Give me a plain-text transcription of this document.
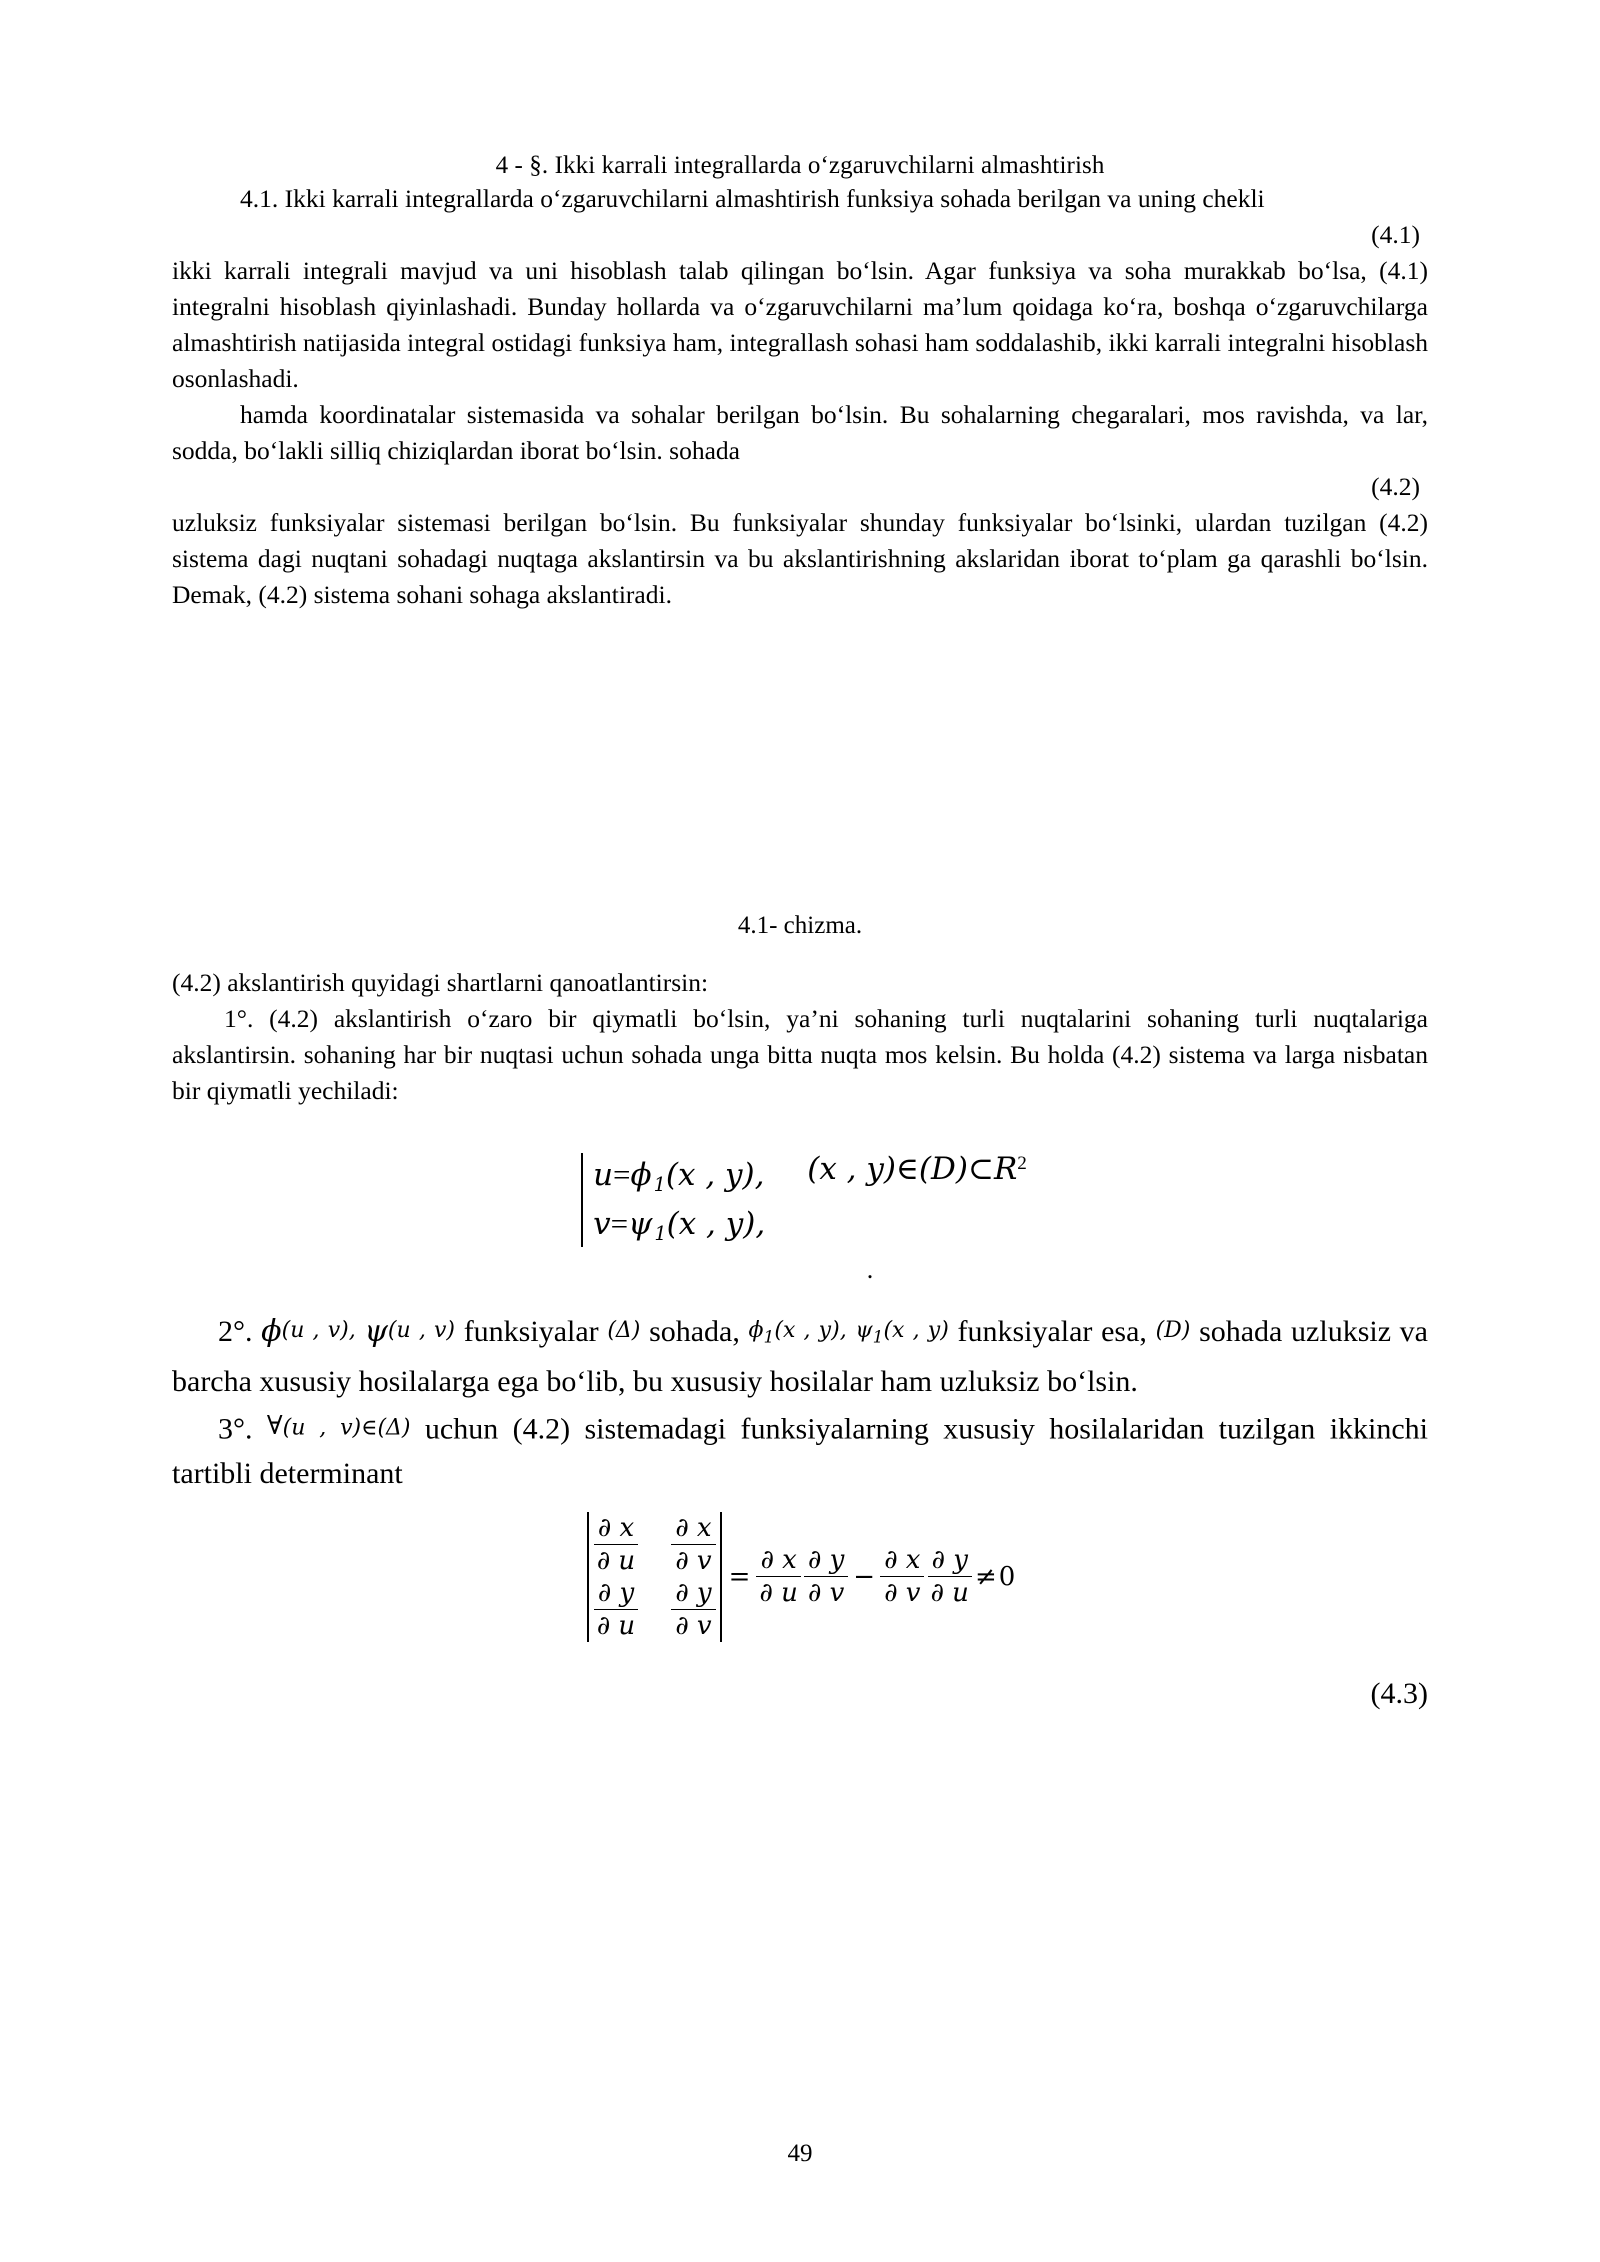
4 - §. Ikki karrali integrallarda o‘zgaruvchilarni almashtirish

4.1. Ikki karrali integrallarda o‘zgaruvchilarni almashtirish funksiya sohada berilgan va uning chekli

(4.1)

ikki karrali integrali mavjud va uni hisoblash talab qilingan bo‘lsin. Agar funksiya va soha murakkab bo‘lsa, (4.1) integralni hisoblash qiyinlashadi. Bunday hollarda va o‘zgaruvchilarni ma’lum qoidaga ko‘ra, boshqa o‘zgaruvchilarga almashtirish natijasida integral ostidagi funksiya ham, integrallash sohasi ham soddalashib, ikki karrali integralni hisoblash osonlashadi.

hamda koordinatalar sistemasida va sohalar berilgan bo‘lsin. Bu sohalarning chegaralari, mos ravishda, va lar, sodda, bo‘lakli silliq chiziqlardan iborat bo‘lsin. sohada

(4.2)

uzluksiz funksiyalar sistemasi berilgan bo‘lsin. Bu funksiyalar shunday funksiyalar bo‘lsinki, ulardan tuzilgan (4.2) sistema dagi nuqtani sohadagi nuqtaga akslantirsin va bu akslantirishning akslaridan iborat to‘plam ga qarashli bo‘lsin. Demak, (4.2) sistema sohani sohaga akslantiradi.

4.1- chizma.

(4.2) akslantirish quyidagi shartlarni qanoatlantirsin:

1°. (4.2) akslantirish o‘zaro bir qiymatli bo‘lsin, ya’ni sohaning turli nuqtalarini sohaning turli nuqtalariga akslantirsin. sohaning har bir nuqtasi uchun sohada unga bitta nuqta mos kelsin. Bu holda (4.2) sistema va larga nisbatan bir qiymatli yechiladi:

u=ϕ $_1$(x , y),
v=ψ $_1$(x , y),
(x , $y)\in(D)\subset R^2$
.

2°. ϕ(u , v), ψ(u , v) funksiyalar (Δ) sohada, ϕ1(x , y), ψ1(x , y) funksiyalar esa, (D) sohada uzluksiz va barcha xususiy hosilalarga ega bo‘lib, bu xususiy hosilalar ham uzluksiz bo‘lsin.

3°. ∀(u , v)∈(Δ) uchun (4.2) sistemadagi funksiyalarning xususiy hosilalaridan tuzilgan ikkinchi tartibli determinant

$\frac{\partial x}{\partial u} \frac{\partial x}{\partial v}$
$\frac{\partial y}{\partial u} \frac{\partial y}{\partial v} = \frac{\partial x}{\partial u} \frac{\partial y}{\partial v} - \frac{\partial x}{\partial v} \frac{\partial y}{\partial u} \ne 0$

(4.3)

49
